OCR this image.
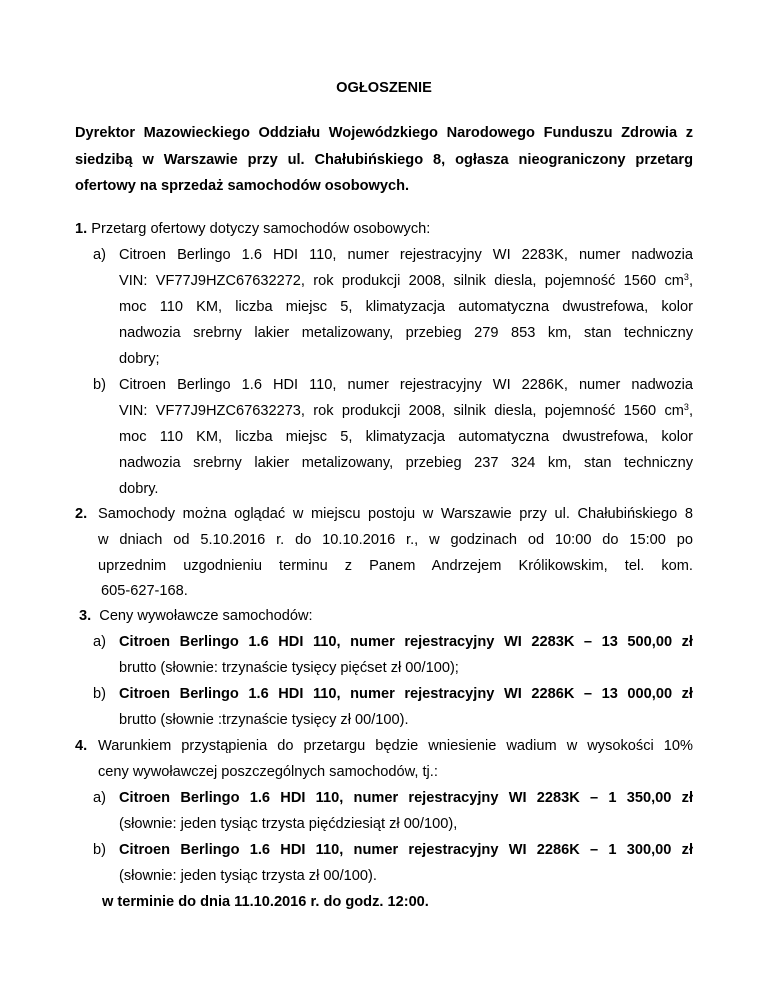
OGŁOSZENIE
Dyrektor Mazowieckiego Oddziału Wojewódzkiego Narodowego Funduszu Zdrowia z siedzibą w Warszawie przy ul. Chałubińskiego 8, ogłasza nieograniczony przetarg ofertowy na sprzedaż samochodów osobowych.
1. Przetarg ofertowy dotyczy samochodów osobowych:
a) Citroen Berlingo 1.6 HDI 110, numer rejestracyjny WI 2283K, numer nadwozia
VIN: VF77J9HZC67632272, rok produkcji 2008, silnik diesla, pojemność 1560 $cm^3$,
moc 110 KM, liczba miejsc 5, klimatyzacja automatyczna dwustrefowa, kolor
nadwozia srebrny lakier metalizowany, przebieg 279 853 km, stan techniczny
dobry;
b) Citroen Berlingo 1.6 HDI 110, numer rejestracyjny WI 2286K, numer nadwozia
VIN: VF77J9HZC67632273, rok produkcji 2008, silnik diesla, pojemność 1560 $cm^3$,
moc 110 KM, liczba miejsc 5, klimatyzacja automatyczna dwustrefowa, kolor
nadwozia srebrny lakier metalizowany, przebieg 237 324 km, stan techniczny
dobry.
2. Samochody można oglądać w miejscu postoju w Warszawie przy ul. Chałubińskiego 8
w dniach od 5.10.2016 r. do 10.10.2016 r., w godzinach od 10:00 do 15:00 po
uprzednim uzgodnieniu terminu z Panem Andrzejem Królikowskim, tel. kom.
605-627-168.
3. Ceny wywoławcze samochodów:
a) Citroen Berlingo 1.6 HDI 110, numer rejestracyjny WI 2283K – 13 500,00 zł
brutto (słownie: trzynaście tysięcy pięćset zł 00/100);
b) Citroen Berlingo 1.6 HDI 110, numer rejestracyjny WI 2286K – 13 000,00 zł
brutto (słownie :trzynaście tysięcy zł 00/100).
4. Warunkiem przystąpienia do przetargu będzie wniesienie wadium w wysokości 10%
ceny wywoławczej poszczególnych samochodów, tj.:
a) Citroen Berlingo 1.6 HDI 110, numer rejestracyjny WI 2283K – 1 350,00 zł
(słownie: jeden tysiąc trzysta pięćdziesiąt zł 00/100),
b) Citroen Berlingo 1.6 HDI 110, numer rejestracyjny WI 2286K – 1 300,00 zł
(słownie: jeden tysiąc trzysta zł 00/100).
w terminie do dnia 11.10.2016 r. do godz. 12:00.
